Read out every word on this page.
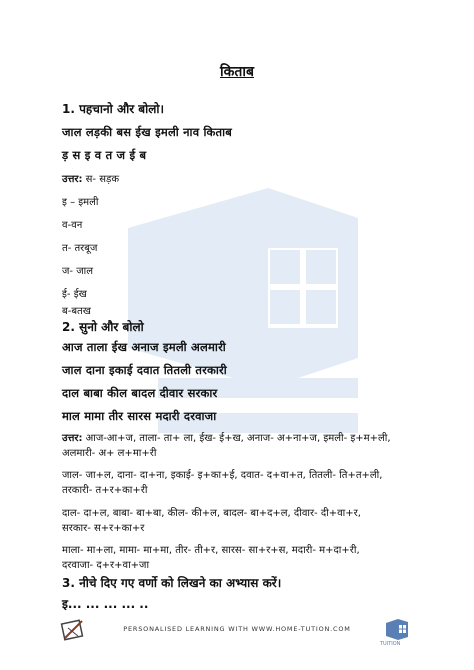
किताब
1. पहचानो और बोलो।
जाल लड़की बस ईख इमली नाव किताब
ड़ स इ व त ज ई ब
उत्तर: स- सड़क
इ – इमली
व-वन
त- तरबूज
ज- जाल
ई- ईख
ब-बतख
2. सुनो और बोलो
आज ताला ईख अनाज इमली अलमारी
जाल दाना इकाई दवात तितली तरकारी
दाल बाबा कील बादल दीवार सरकार
माल मामा तीर सारस मदारी दरवाजा
उत्तर: आज-आ+ज, ताला- ता+ ला, ईख- ई+ख, अनाज- अ+ना+ज, इमली- इ+म+ली,
अलमारी- अ+ ल+मा+री
जाल- जा+ल, दाना- दा+ना, इकाई- इ+का+ई, दवात- द+वा+त, तितली- ति+त+ली,
तरकारी- त+र+का+री
दाल- दा+ल, बाबा- बा+बा, कील- की+ल, बादल- बा+द+ल, दीवार- दी+वा+र,
सरकार- स+र+का+र
माला- मा+ला, मामा- मा+मा, तीर- ती+र, सारस- सा+र+स, मदारी- म+दा+री,
दरवाजा- द+र+वा+जा
3. नीचे दिए गए वर्णो को लिखने का अभ्यास करें।
इ... ... ... ... ..
PERSONALISED LEARNING WITH WWW.HOME-TUTION.COM
TUITION
